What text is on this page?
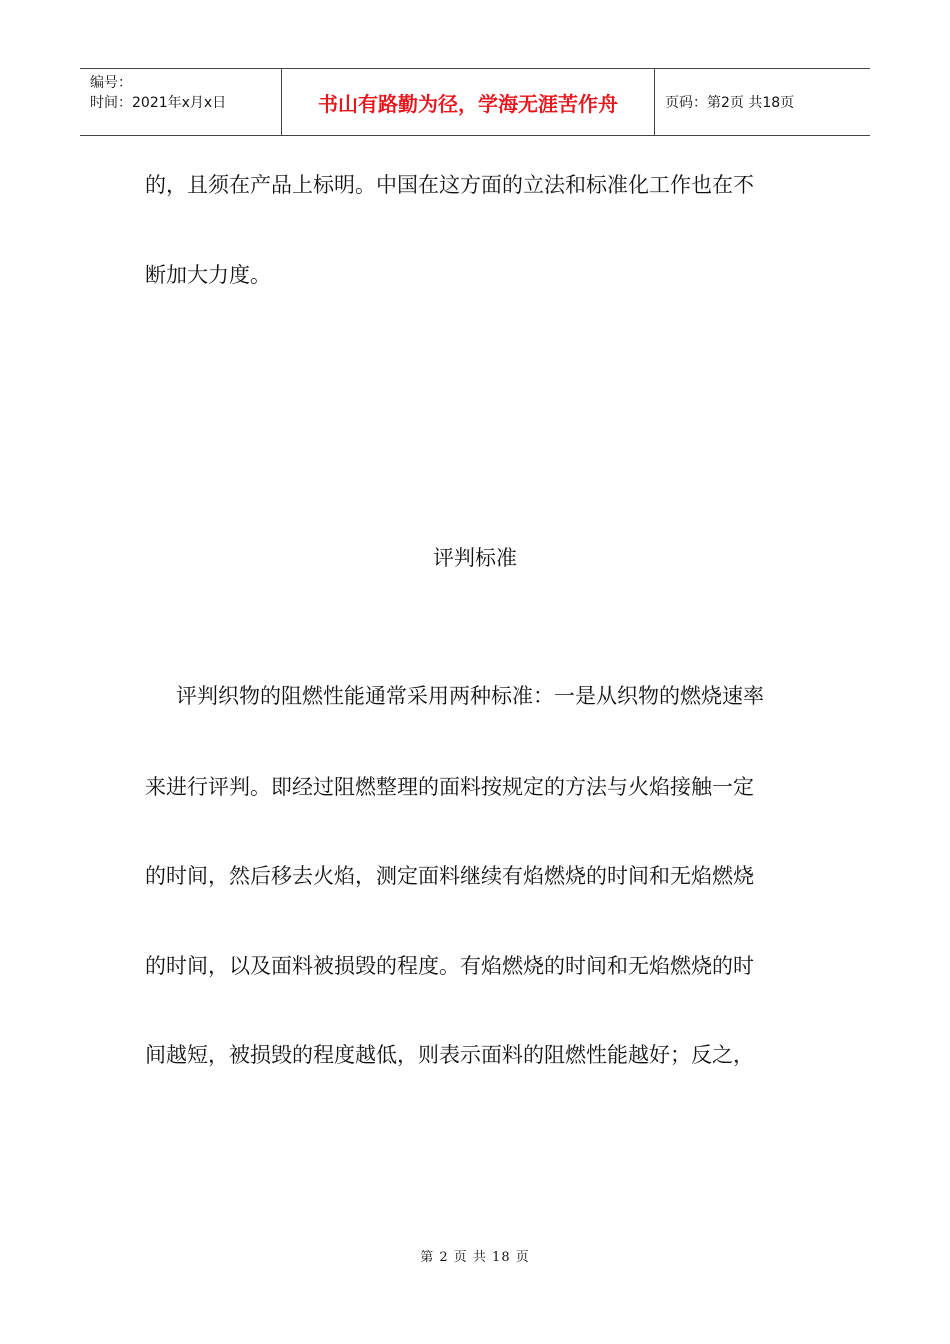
编号：
时间：2021年x月x日	书山有路勤为径，学海无涯苦作舟	页码：第2页 共18页
的，且须在产品上标明。中国在这方面的立法和标准化工作也在不
断加大力度。
评判标准
评判织物的阻燃性能通常采用两种标准：一是从织物的燃烧速率
来进行评判。即经过阻燃整理的面料按规定的方法与火焰接触一定
的时间，然后移去火焰，测定面料继续有焰燃烧的时间和无焰燃烧
的时间，以及面料被损毁的程度。有焰燃烧的时间和无焰燃烧的时
间越短，被损毁的程度越低，则表示面料的阻燃性能越好；反之，
第 2 页 共 18 页
